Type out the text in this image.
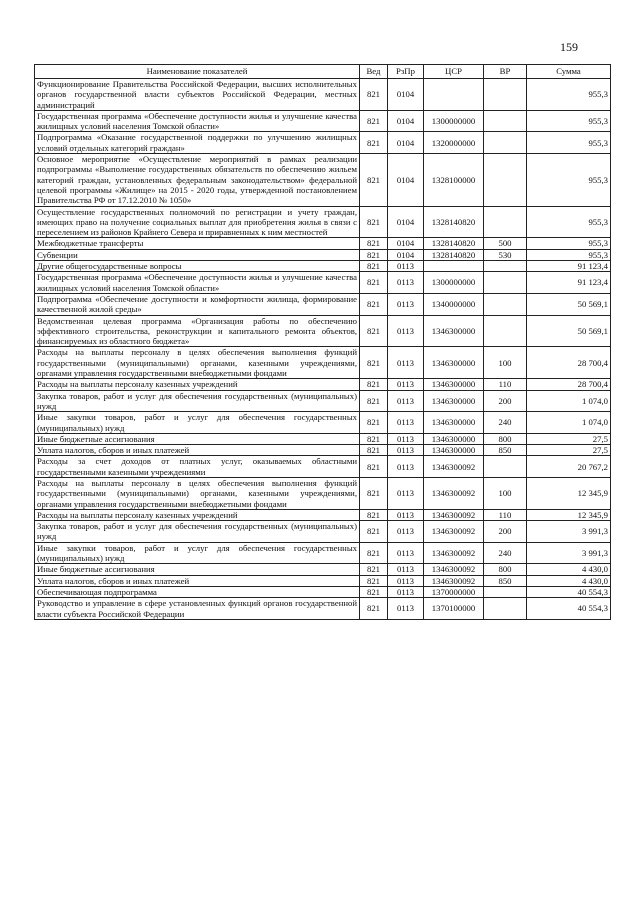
159
Наименование показателей	Вед	РзПр	ЦСР	ВР	Сумма
Функционирование Правительства Российской Федерации, высших исполнительных органов государственной власти субъектов Российской Федерации, местных администраций	821	0104			955,3
Государственная программа «Обеспечение доступности жилья и улучшение качества жилищных условий населения Томской области»	821	0104	1300000000		955,3
Подпрограмма «Оказание государственной поддержки по улучшению жилищных условий отдельных категорий граждан»	821	0104	1320000000		955,3
Основное мероприятие «Осуществление мероприятий в рамках реализации подпрограммы «Выполнение государственных обязательств по обеспечению жильем категорий граждан, установленных федеральным законодательством» федеральной целевой программы «Жилище» на 2015 - 2020 годы, утвержденной постановлением Правительства РФ от 17.12.2010 № 1050»	821	0104	1328100000		955,3
Осуществление государственных полномочий по регистрации и учету граждан, имеющих право на получение социальных выплат для приобретения жилья в связи с переселением из районов Крайнего Севера и приравненных к ним местностей	821	0104	1328140820		955,3
Межбюджетные трансферты	821	0104	1328140820	500	955,3
Субвенции	821	0104	1328140820	530	955,3
Другие общегосударственные вопросы	821	0113			91 123,4
Государственная программа «Обеспечение доступности жилья и улучшение качества жилищных условий населения Томской области»	821	0113	1300000000		91 123,4
Подпрограмма «Обеспечение доступности и комфортности жилища, формирование качественной жилой среды»	821	0113	1340000000		50 569,1
Ведомственная целевая программа «Организация работы по обеспечению эффективного строительства, реконструкции и капитального ремонта объектов, финансируемых из областного бюджета»	821	0113	1346300000		50 569,1
Расходы на выплаты персоналу в целях обеспечения выполнения функций государственными (муниципальными) органами, казенными учреждениями, органами управления государственными внебюджетными фондами	821	0113	1346300000	100	28 700,4
Расходы на выплаты персоналу казенных учреждений	821	0113	1346300000	110	28 700,4
Закупка товаров, работ и услуг для обеспечения государственных (муниципальных) нужд	821	0113	1346300000	200	1 074,0
Иные закупки товаров, работ и услуг для обеспечения государственных (муниципальных) нужд	821	0113	1346300000	240	1 074,0
Иные бюджетные ассигнования	821	0113	1346300000	800	27,5
Уплата налогов, сборов и иных платежей	821	0113	1346300000	850	27,5
Расходы за счет доходов от платных услуг, оказываемых областными государственными казенными учреждениями	821	0113	1346300092		20 767,2
Расходы на выплаты персоналу в целях обеспечения выполнения функций государственными (муниципальными) органами, казенными учреждениями, органами управления государственными внебюджетными фондами	821	0113	1346300092	100	12 345,9
Расходы на выплаты персоналу казенных учреждений	821	0113	1346300092	110	12 345,9
Закупка товаров, работ и услуг для обеспечения государственных (муниципальных) нужд	821	0113	1346300092	200	3 991,3
Иные закупки товаров, работ и услуг для обеспечения государственных (муниципальных) нужд	821	0113	1346300092	240	3 991,3
Иные бюджетные ассигнования	821	0113	1346300092	800	4 430,0
Уплата налогов, сборов и иных платежей	821	0113	1346300092	850	4 430,0
Обеспечивающая подпрограмма	821	0113	1370000000		40 554,3
Руководство и управление в сфере установленных функций органов государственной власти субъекта Российской Федерации	821	0113	1370100000		40 554,3
